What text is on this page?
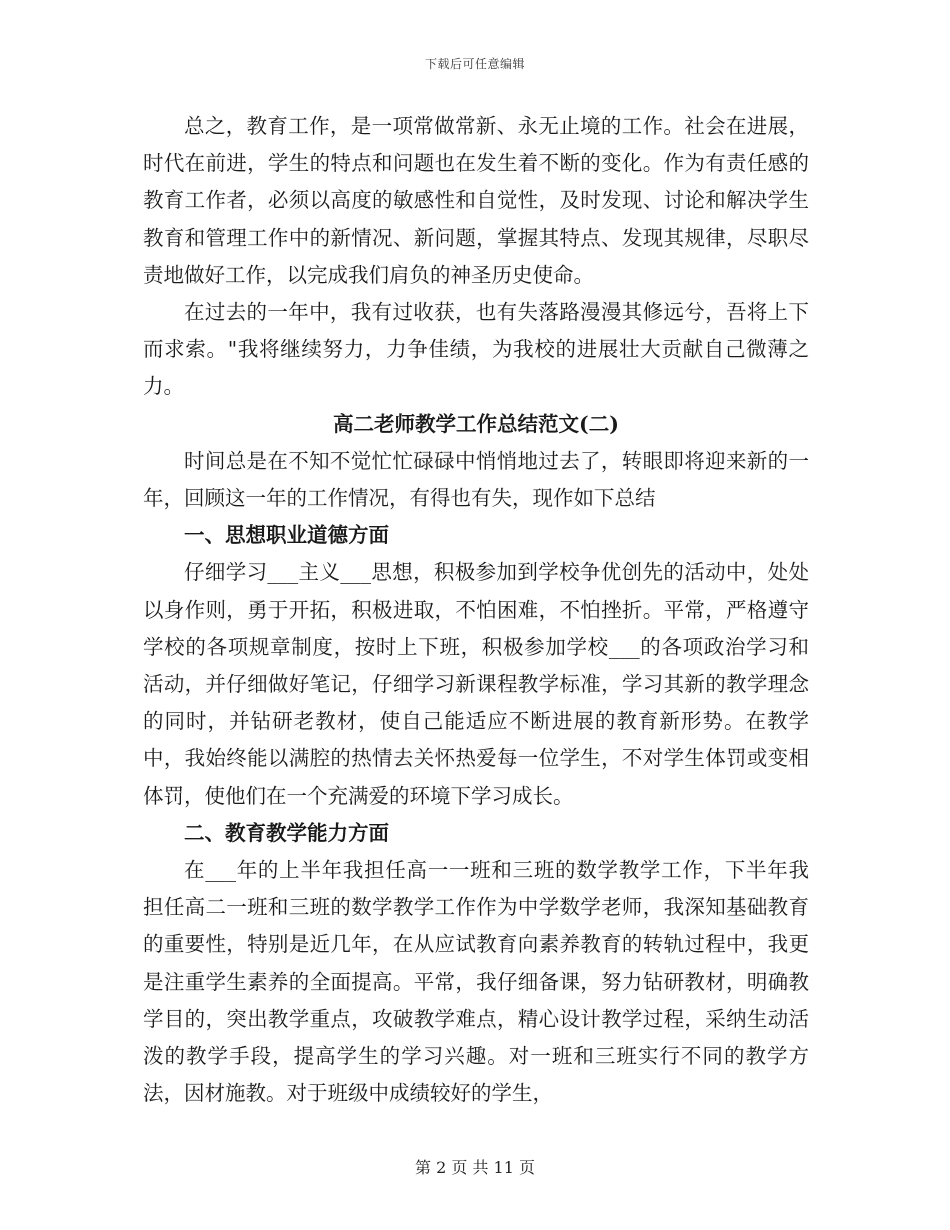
下载后可任意编辑

总之，教育工作，是一项常做常新、永无止境的工作。社会在进展，时代在前进，学生的特点和问题也在发生着不断的变化。作为有责任感的教育工作者，必须以高度的敏感性和自觉性，及时发现、讨论和解决学生教育和管理工作中的新情况、新问题，掌握其特点、发现其规律，尽职尽责地做好工作，以完成我们肩负的神圣历史使命。

在过去的一年中，我有过收获，也有失落路漫漫其修远兮，吾将上下而求索。"我将继续努力，力争佳绩，为我校的进展壮大贡献自己微薄之力。

高二老师教学工作总结范文(二)

时间总是在不知不觉忙忙碌碌中悄悄地过去了，转眼即将迎来新的一年，回顾这一年的工作情况，有得也有失，现作如下总结

一、思想职业道德方面

仔细学习___主义___思想，积极参加到学校争优创先的活动中，处处以身作则，勇于开拓，积极进取，不怕困难，不怕挫折。平常，严格遵守学校的各项规章制度，按时上下班，积极参加学校___的各项政治学习和活动，并仔细做好笔记，仔细学习新课程教学标准，学习其新的教学理念的同时，并钻研老教材，使自己能适应不断进展的教育新形势。在教学中，我始终能以满腔的热情去关怀热爱每一位学生，不对学生体罚或变相体罚，使他们在一个充满爱的环境下学习成长。

二、教育教学能力方面

在___年的上半年我担任高一一班和三班的数学教学工作，下半年我担任高二一班和三班的数学教学工作作为中学数学老师，我深知基础教育的重要性，特别是近几年，在从应试教育向素养教育的转轨过程中，我更是注重学生素养的全面提高。平常，我仔细备课，努力钻研教材，明确教学目的，突出教学重点，攻破教学难点，精心设计教学过程，采纳生动活泼的教学手段，提高学生的学习兴趣。对一班和三班实行不同的教学方法，因材施教。对于班级中成绩较好的学生，

第 2 页 共 11 页
